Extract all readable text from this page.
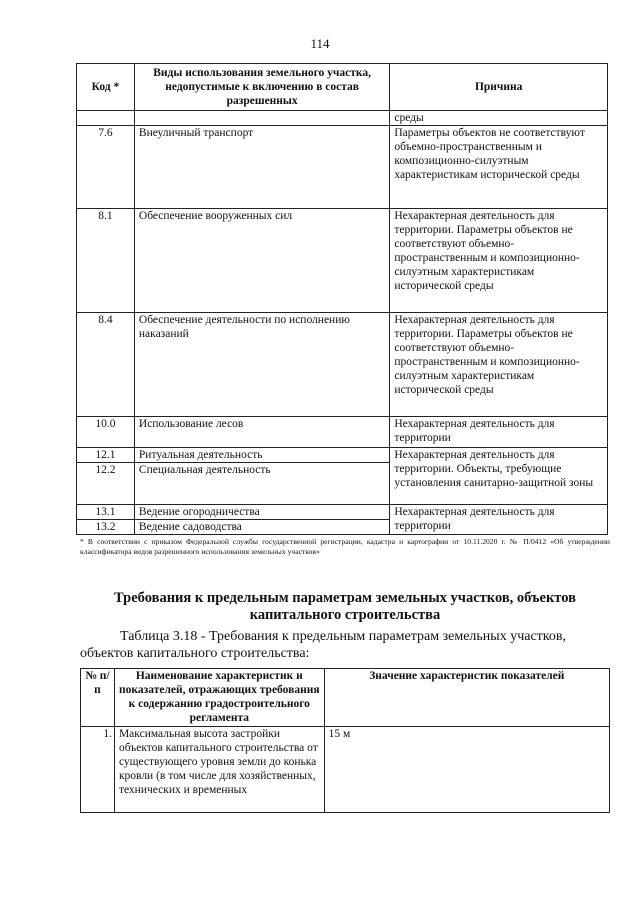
114
Код *	Виды использования земельного участка, недопустимые к включению в состав разрешенных	Причина
		среды
7.6	Внеуличный транспорт	Параметры объектов не соответствуют объемно-пространственным и композиционно-силуэтным характеристикам исторической среды
8.1	Обеспечение вооруженных сил	Нехарактерная деятельность для территории. Параметры объектов не соответствуют объемно-пространственным и композиционно-силуэтным характеристикам исторической среды
8.4	Обеспечение деятельности по исполнению наказаний	Нехарактерная деятельность для территории. Параметры объектов не соответствуют объемно-пространственным и композиционно-силуэтным характеристикам исторической среды
10.0	Использование лесов	Нехарактерная деятельность для территории
12.1	Ритуальная деятельность	Нехарактерная деятельность для территории. Объекты, требующие установления санитарно-защитной зоны
12.2	Специальная деятельность	
13.1	Ведение огородничества	Нехарактерная деятельность для территории
13.2	Ведение садоводства	
* В соответствии с приказом Федеральной службы государственной регистрации, кадастра и картографии от 10.11.2020 г. № П/0412 «Об утверждении классификатора видов разрешенного использования земельных участков»
Требования к предельным параметрам земельных участков, объектов капитального строительства
Таблица 3.18 - Требования к предельным параметрам земельных участков, объектов капитального строительства:
№ п/п	Наименование характеристик и показателей, отражающих требования к содержанию градостроительного регламента	Значение характеристик показателей
1.	Максимальная высота застройки объектов капитального строительства от существующего уровня земли до конька кровли (в том числе для хозяйственных, технических и временных	15 м
